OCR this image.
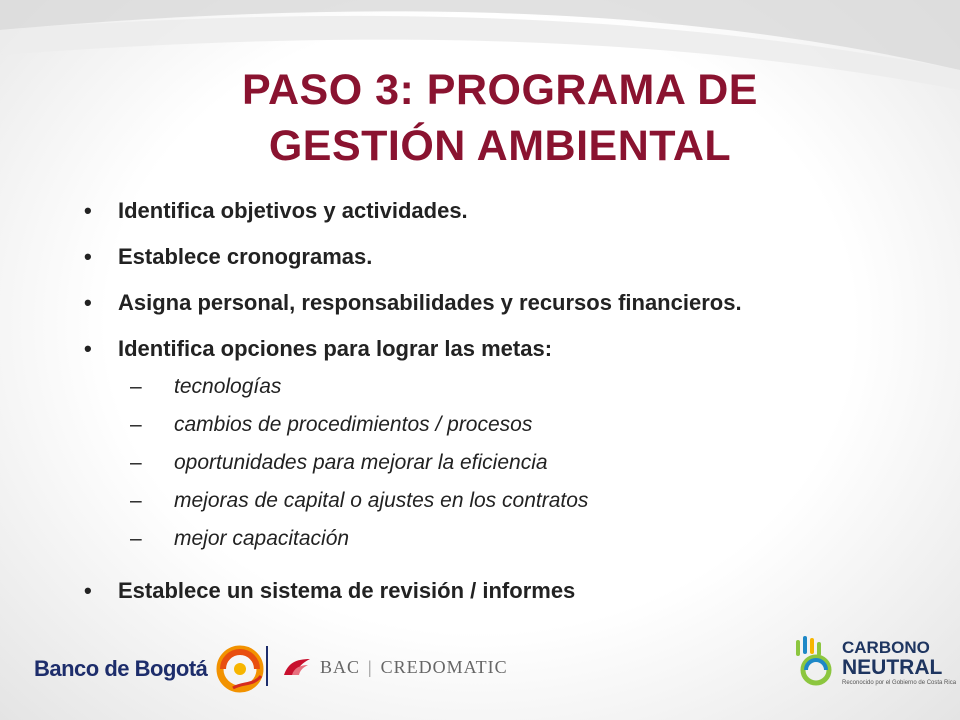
PASO 3: PROGRAMA DE
GESTIÓN AMBIENTAL
• Identifica objetivos y actividades.
• Establece cronogramas.
• Asigna personal, responsabilidades y recursos financieros.
• Identifica opciones para lograr las metas:
– tecnologías
– cambios de procedimientos / procesos
– oportunidades para mejorar la eficiencia
– mejoras de capital o ajustes en los contratos
– mejor capacitación
• Establece un sistema de revisión / informes
Banco de Bogotá	BAC | CREDOMATIC
CARBONO
NEUTRAL
Reconocido por el Gobierno de Costa Rica
